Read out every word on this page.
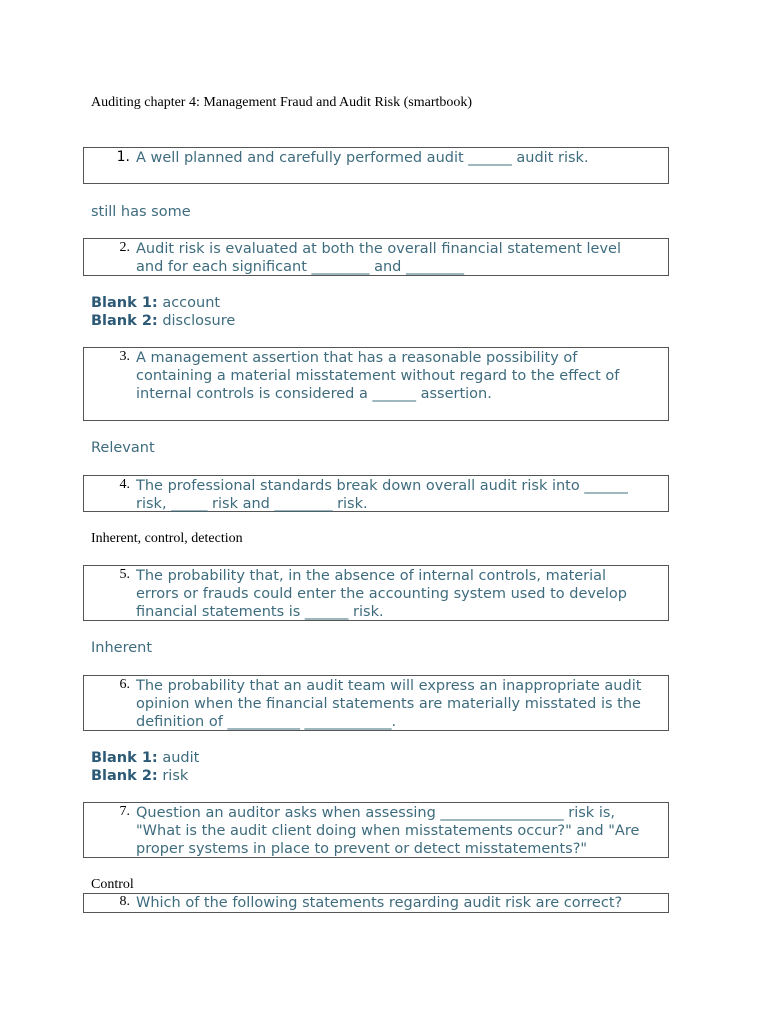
Auditing chapter 4: Management Fraud and Audit Risk (smartbook)
1. A well planned and carefully performed audit ______ audit risk.
still has some
2. Audit risk is evaluated at both the overall financial statement level
and for each significant ________ and ________
Blank 1: account
Blank 2: disclosure
3. A management assertion that has a reasonable possibility of
containing a material misstatement without regard to the effect of
internal controls is considered a ______ assertion.
Relevant
4. The professional standards break down overall audit risk into ______
risk, _____ risk and ________ risk.
Inherent, control, detection
5. The probability that, in the absence of internal controls, material
errors or frauds could enter the accounting system used to develop
financial statements is ______ risk.
Inherent
6. The probability that an audit team will express an inappropriate audit
opinion when the financial statements are materially misstated is the
definition of __________ ____________.
Blank 1: audit
Blank 2: risk
7. Question an auditor asks when assessing _________________ risk is,
"What is the audit client doing when misstatements occur?" and "Are
proper systems in place to prevent or detect misstatements?"
Control
8. Which of the following statements regarding audit risk are correct?
